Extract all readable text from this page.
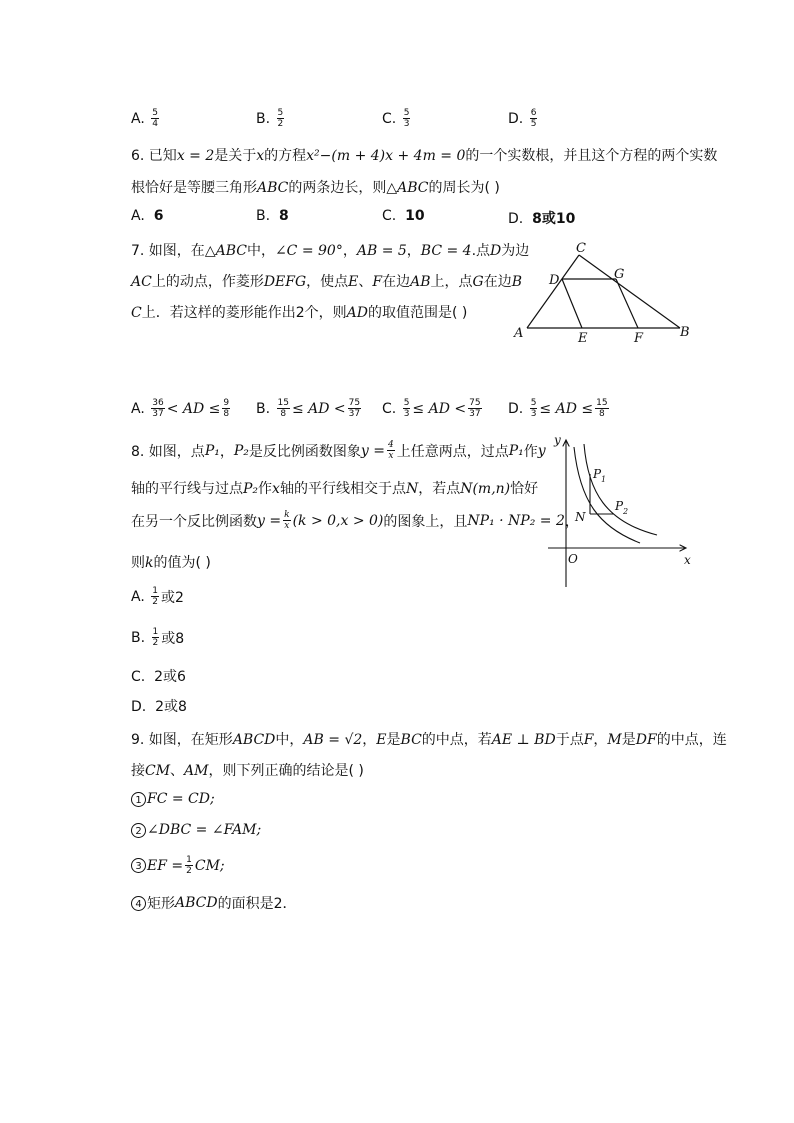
A.
$\frac{5}{4}$	B.
$\frac{5}{2}$	C.
$\frac{5}{3}$	D.
$\frac{6}{5}$
6. 已知x = 2是关于x的方程x²−(m + 4)x + 4m = 0的一个实数根，并且这个方程的两个实数
根恰好是等腰三角形ABC的两条边长，则△ABC的周长为( )
A. 6	B. 8	C. 10	D. 8或10
7. 如图，在△ABC中，∠C = 90°，AB = 5，BC = 4.点D为边
AC上的动点，作菱形DEFG，使点E、F在边AB上，点G在边B
C上．若这样的菱形能作出2个，则AD的取值范围是( )
C
D	G
A	E	F	B
A.
$\frac{36}{37}$ < AD ≤ $\frac{9}{8} B$.
$\frac{15}{8}$ ≤ AD < $\frac{75}{37} C$.
$\frac{5}{3}$ ≤ AD < $\frac{75}{37} D$.
$\frac{5}{3}$ ≤ AD ≤ $\frac{15}{8}$
8. 如图，点 P₁ ， P₂ 是反比例函数图象 $y = \frac{4}{x}$ 上任意两点，过点 P₁ 作 y
轴的平行线与过点P₂作x轴的平行线相交于点N，若点N(m,n)恰好
在另一个反比例函数 $y = \frac{k}{x} (k > 0,x > 0)$ 的图象上，且 NP₁ · NP₂ = 2 ，
则k的值为( )
y
x
O
N
P 1
P 2
A.
$\frac{1}{2}$ 或2
B.
$\frac{1}{2}$ 或8
C. 2或6
D. 2或8
9. 如图，在矩形ABCD中，AB = √2，E是BC的中点，若AE ⊥ BD于点F，M是DF的中点，连
接CM、AM，则下列正确的结论是( )
1 FC = CD;
2 ∠DBC = ∠FAM;
3 EF = $\frac{1}{2}$ CM;
4 矩形 ABCD 的面积是2．
